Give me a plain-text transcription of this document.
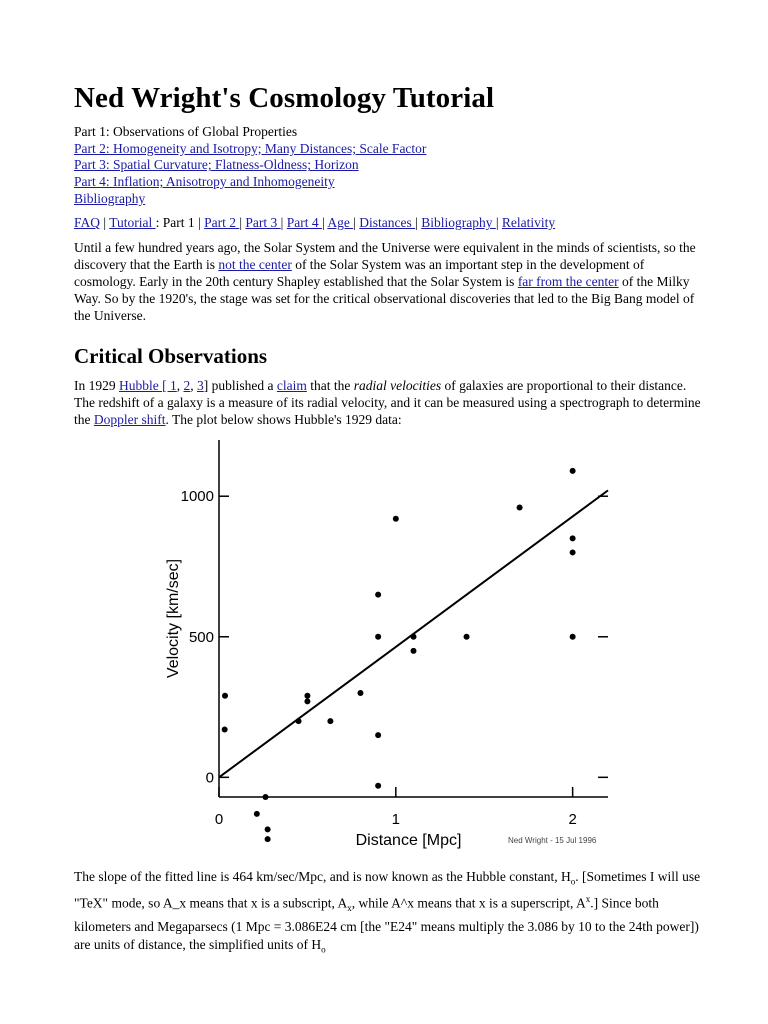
Ned Wright's Cosmology Tutorial
Part 1: Observations of Global Properties
Part 2: Homogeneity and Isotropy; Many Distances; Scale Factor
Part 3: Spatial Curvature; Flatness-Oldness; Horizon
Part 4: Inflation; Anisotropy and Inhomogeneity
Bibliography
FAQ | Tutorial : Part 1 | Part 2 | Part 3 | Part 4 | Age | Distances | Bibliography | Relativity
Until a few hundred years ago, the Solar System and the Universe were equivalent in the minds of scientists, so the discovery that the Earth is not the center of the Solar System was an important step in the development of cosmology. Early in the 20th century Shapley established that the Solar System is far from the center of the Milky Way. So by the 1920's, the stage was set for the critical observational discoveries that led to the Big Bang model of the Universe.
Critical Observations
In 1929 Hubble [ 1, 2, 3] published a claim that the radial velocities of galaxies are proportional to their distance. The redshift of a galaxy is a measure of its radial velocity, and it can be measured using a spectrograph to determine the Doppler shift. The plot below shows Hubble's 1929 data:
The slope of the fitted line is 464 km/sec/Mpc, and is now known as the Hubble constant, $H_o$. [Sometimes I will use "TeX" mode, so A_x means that x is a subscript, $A_x$, while A^x means that x is a superscript, $A^x$.] Since both kilometers and Megaparsecs (1 Mpc = 3.086E24 cm [the "E24" means multiply the 3.086 by 10 to the 24th power]) are units of distance, the simplified units of $H_o$
0	1	2
0
500
1000
Distance [Mpc]
Velocity [km/sec]
Ned Wright - 15 Jul 1996
